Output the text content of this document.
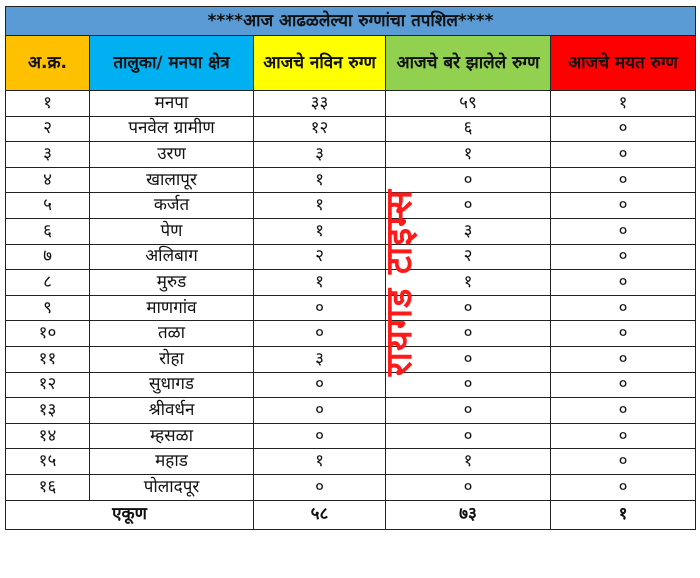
****आज आढळलेल्या रुग्णांचा तपशिल****				
अ.क्र.	तालुका/ मनपा क्षेत्र	आजचे नविन रुग्ण	आजचे बरे झालेले रुग्ण	आजचे मयत रुग्ण
१	मनपा	३३	५९	१
२	पनवेल ग्रामीण	१२	६	०
३	उरण	३	१	०
४	खालापूर	१	०	०
५	कर्जत	१	०	०
६	पेण	१	३	०
७	अलिबाग	२	२	०
८	मुरुड	१	१	०
९	माणगांव	०	०	०
१०	तळा	०	०	०
११	रोहा	३	०	०
१२	सुधागड	०	०	०
१३	श्रीवर्धन	०	०	०
१४	म्हसळा	०	०	०
१५	महाड	१	१	०
१६	पोलादपूर	०	०	०
एकूण		५८	७३	१
रायगड टाइम्स
